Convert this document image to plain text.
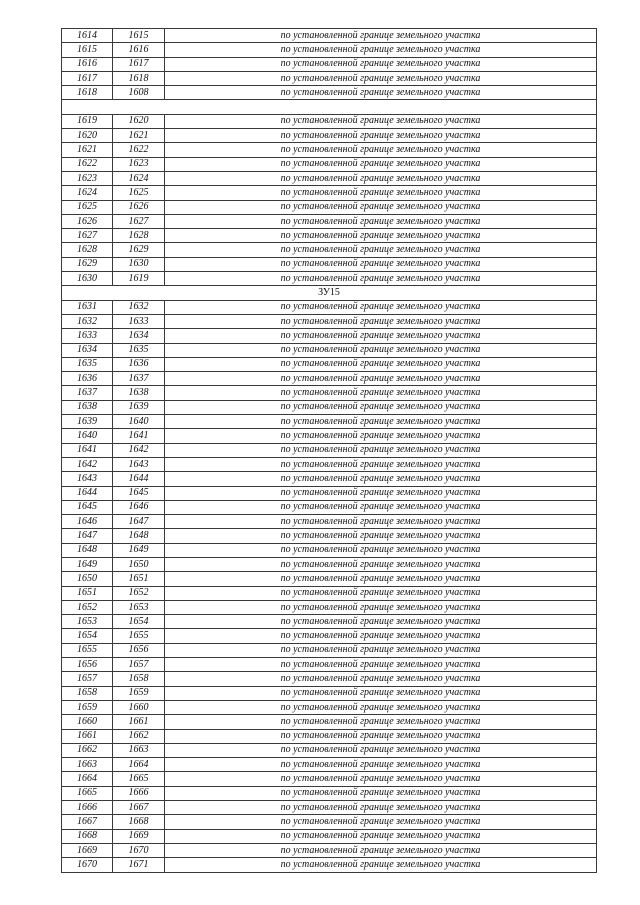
1614	1615	по установленной границе земельного участка
1615	1616	по установленной границе земельного участка
1616	1617	по установленной границе земельного участка
1617	1618	по установленной границе земельного участка
1618	1608	по установленной границе земельного участка

1619	1620	по установленной границе земельного участка
1620	1621	по установленной границе земельного участка
1621	1622	по установленной границе земельного участка
1622	1623	по установленной границе земельного участка
1623	1624	по установленной границе земельного участка
1624	1625	по установленной границе земельного участка
1625	1626	по установленной границе земельного участка
1626	1627	по установленной границе земельного участка
1627	1628	по установленной границе земельного участка
1628	1629	по установленной границе земельного участка
1629	1630	по установленной границе земельного участка
1630	1619	по установленной границе земельного участка
ЗУ15		
1631	1632	по установленной границе земельного участка
1632	1633	по установленной границе земельного участка
1633	1634	по установленной границе земельного участка
1634	1635	по установленной границе земельного участка
1635	1636	по установленной границе земельного участка
1636	1637	по установленной границе земельного участка
1637	1638	по установленной границе земельного участка
1638	1639	по установленной границе земельного участка
1639	1640	по установленной границе земельного участка
1640	1641	по установленной границе земельного участка
1641	1642	по установленной границе земельного участка
1642	1643	по установленной границе земельного участка
1643	1644	по установленной границе земельного участка
1644	1645	по установленной границе земельного участка
1645	1646	по установленной границе земельного участка
1646	1647	по установленной границе земельного участка
1647	1648	по установленной границе земельного участка
1648	1649	по установленной границе земельного участка
1649	1650	по установленной границе земельного участка
1650	1651	по установленной границе земельного участка
1651	1652	по установленной границе земельного участка
1652	1653	по установленной границе земельного участка
1653	1654	по установленной границе земельного участка
1654	1655	по установленной границе земельного участка
1655	1656	по установленной границе земельного участка
1656	1657	по установленной границе земельного участка
1657	1658	по установленной границе земельного участка
1658	1659	по установленной границе земельного участка
1659	1660	по установленной границе земельного участка
1660	1661	по установленной границе земельного участка
1661	1662	по установленной границе земельного участка
1662	1663	по установленной границе земельного участка
1663	1664	по установленной границе земельного участка
1664	1665	по установленной границе земельного участка
1665	1666	по установленной границе земельного участка
1666	1667	по установленной границе земельного участка
1667	1668	по установленной границе земельного участка
1668	1669	по установленной границе земельного участка
1669	1670	по установленной границе земельного участка
1670	1671	по установленной границе земельного участка
